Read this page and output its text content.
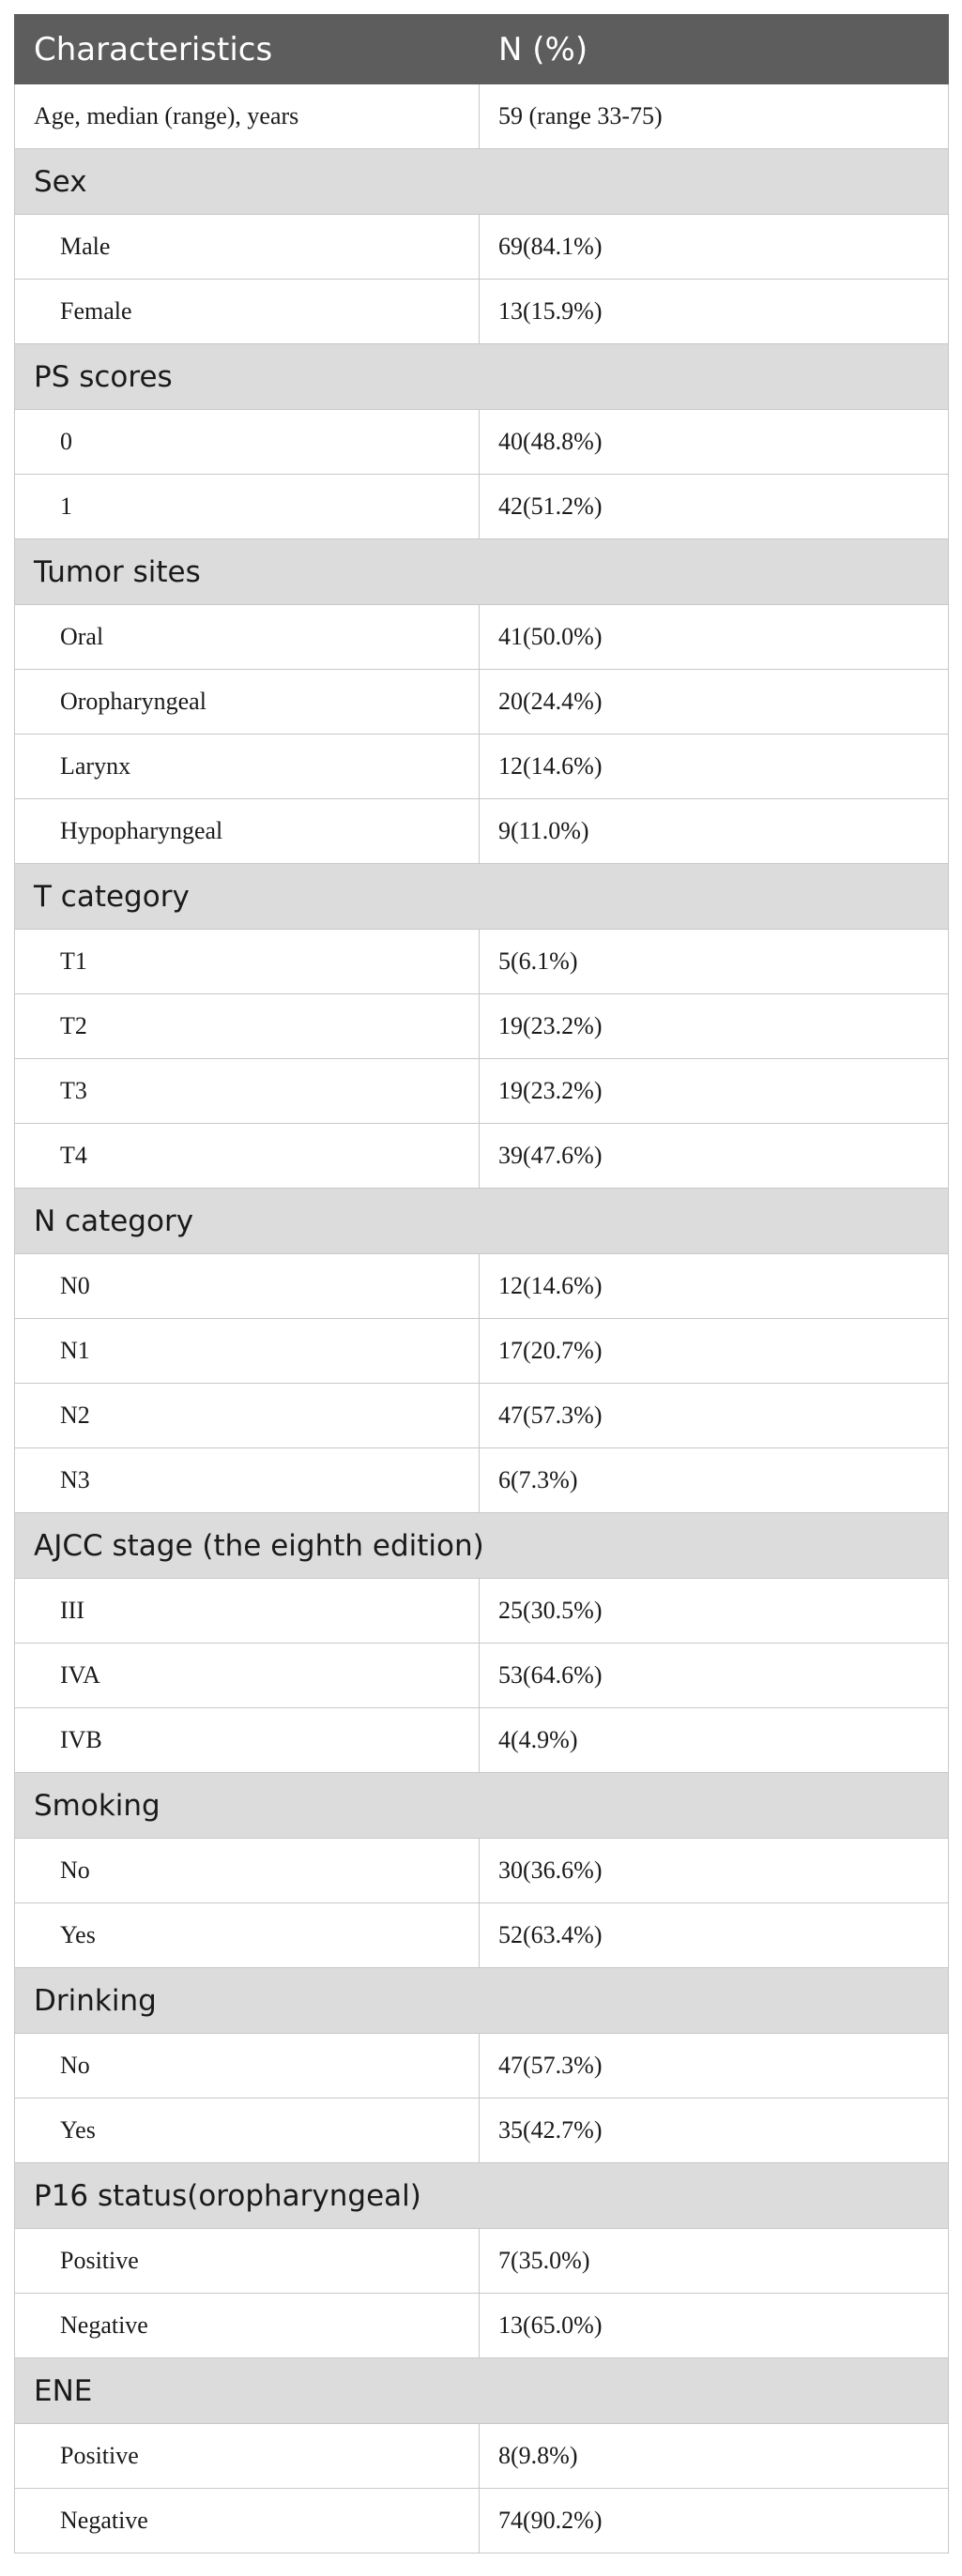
Characteristics	N (%)
Age, median (range), years	59 (range 33-75)
Sex	
Male	69(84.1%)
Female	13(15.9%)
PS scores	
0	40(48.8%)
1	42(51.2%)
Tumor sites	
Oral	41(50.0%)
Oropharyngeal	20(24.4%)
Larynx	12(14.6%)
Hypopharyngeal	9(11.0%)
T category	
T1	5(6.1%)
T2	19(23.2%)
T3	19(23.2%)
T4	39(47.6%)
N category	
N0	12(14.6%)
N1	17(20.7%)
N2	47(57.3%)
N3	6(7.3%)
AJCC stage (the eighth edition)	
III	25(30.5%)
IVA	53(64.6%)
IVB	4(4.9%)
Smoking	
No	30(36.6%)
Yes	52(63.4%)
Drinking	
No	47(57.3%)
Yes	35(42.7%)
P16 status(oropharyngeal)	
Positive	7(35.0%)
Negative	13(65.0%)
ENE	
Positive	8(9.8%)
Negative	74(90.2%)
